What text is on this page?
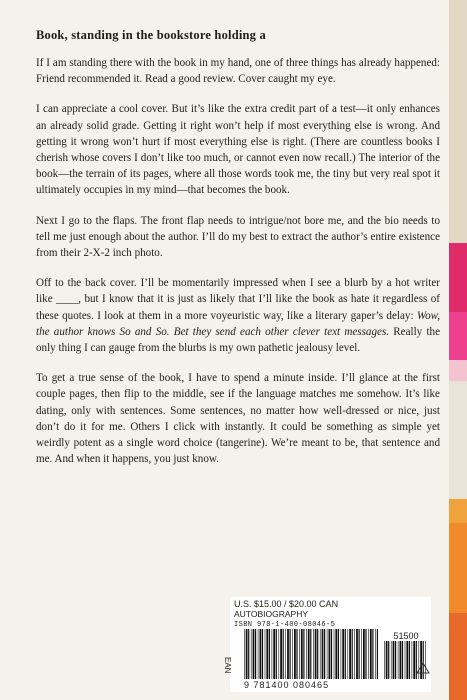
Book, standing in the bookstore holding a

If I am standing there with the book in my hand, one of three things has already happened: Friend recommended it. Read a good review. Cover caught my eye.

I can appreciate a cool cover. But it’s like the extra credit part of a test—it only enhances an already solid grade. Getting it right won’t help if most everything else is wrong. And getting it wrong won’t hurt if most everything else is right. (There are countless books I cherish whose covers I don’t like too much, or cannot even now recall.) The interior of the book—the terrain of its pages, where all those words took me, the tiny but very real spot it ultimately occupies in my mind—that becomes the book.

Next I go to the flaps. The front flap needs to intrigue/not bore me, and the bio needs to tell me just enough about the author. I’ll do my best to extract the author’s entire existence from their 2-X-2 inch photo.

Off to the back cover. I’ll be momentarily impressed when I see a blurb by a hot writer like ____, but I know that it is just as likely that I’ll like the book as hate it regardless of these quotes. I look at them in a more voyeuristic way, like a literary gaper’s delay: Wow, the author knows So and So. Bet they send each other clever text messages. Really the only thing I can gauge from the blurbs is my own pathetic jealousy level.

To get a true sense of the book, I have to spend a minute inside. I’ll glance at the first couple pages, then flip to the middle, see if the language matches me somehow. It’s like dating, only with sentences. Some sentences, no matter how well-dressed or nice, just don’t do it for me. Others I click with instantly. It could be something as simple yet weirdly potent as a single word choice (tangerine). We’re meant to be, that sentence and me. And when it happens, you just know.

U.S. $15.00 / $20.00 CAN
AUTOBIOGRAPHY
ISBN 978-1-400-08046-5
EAN
9 781400 080465
51500
